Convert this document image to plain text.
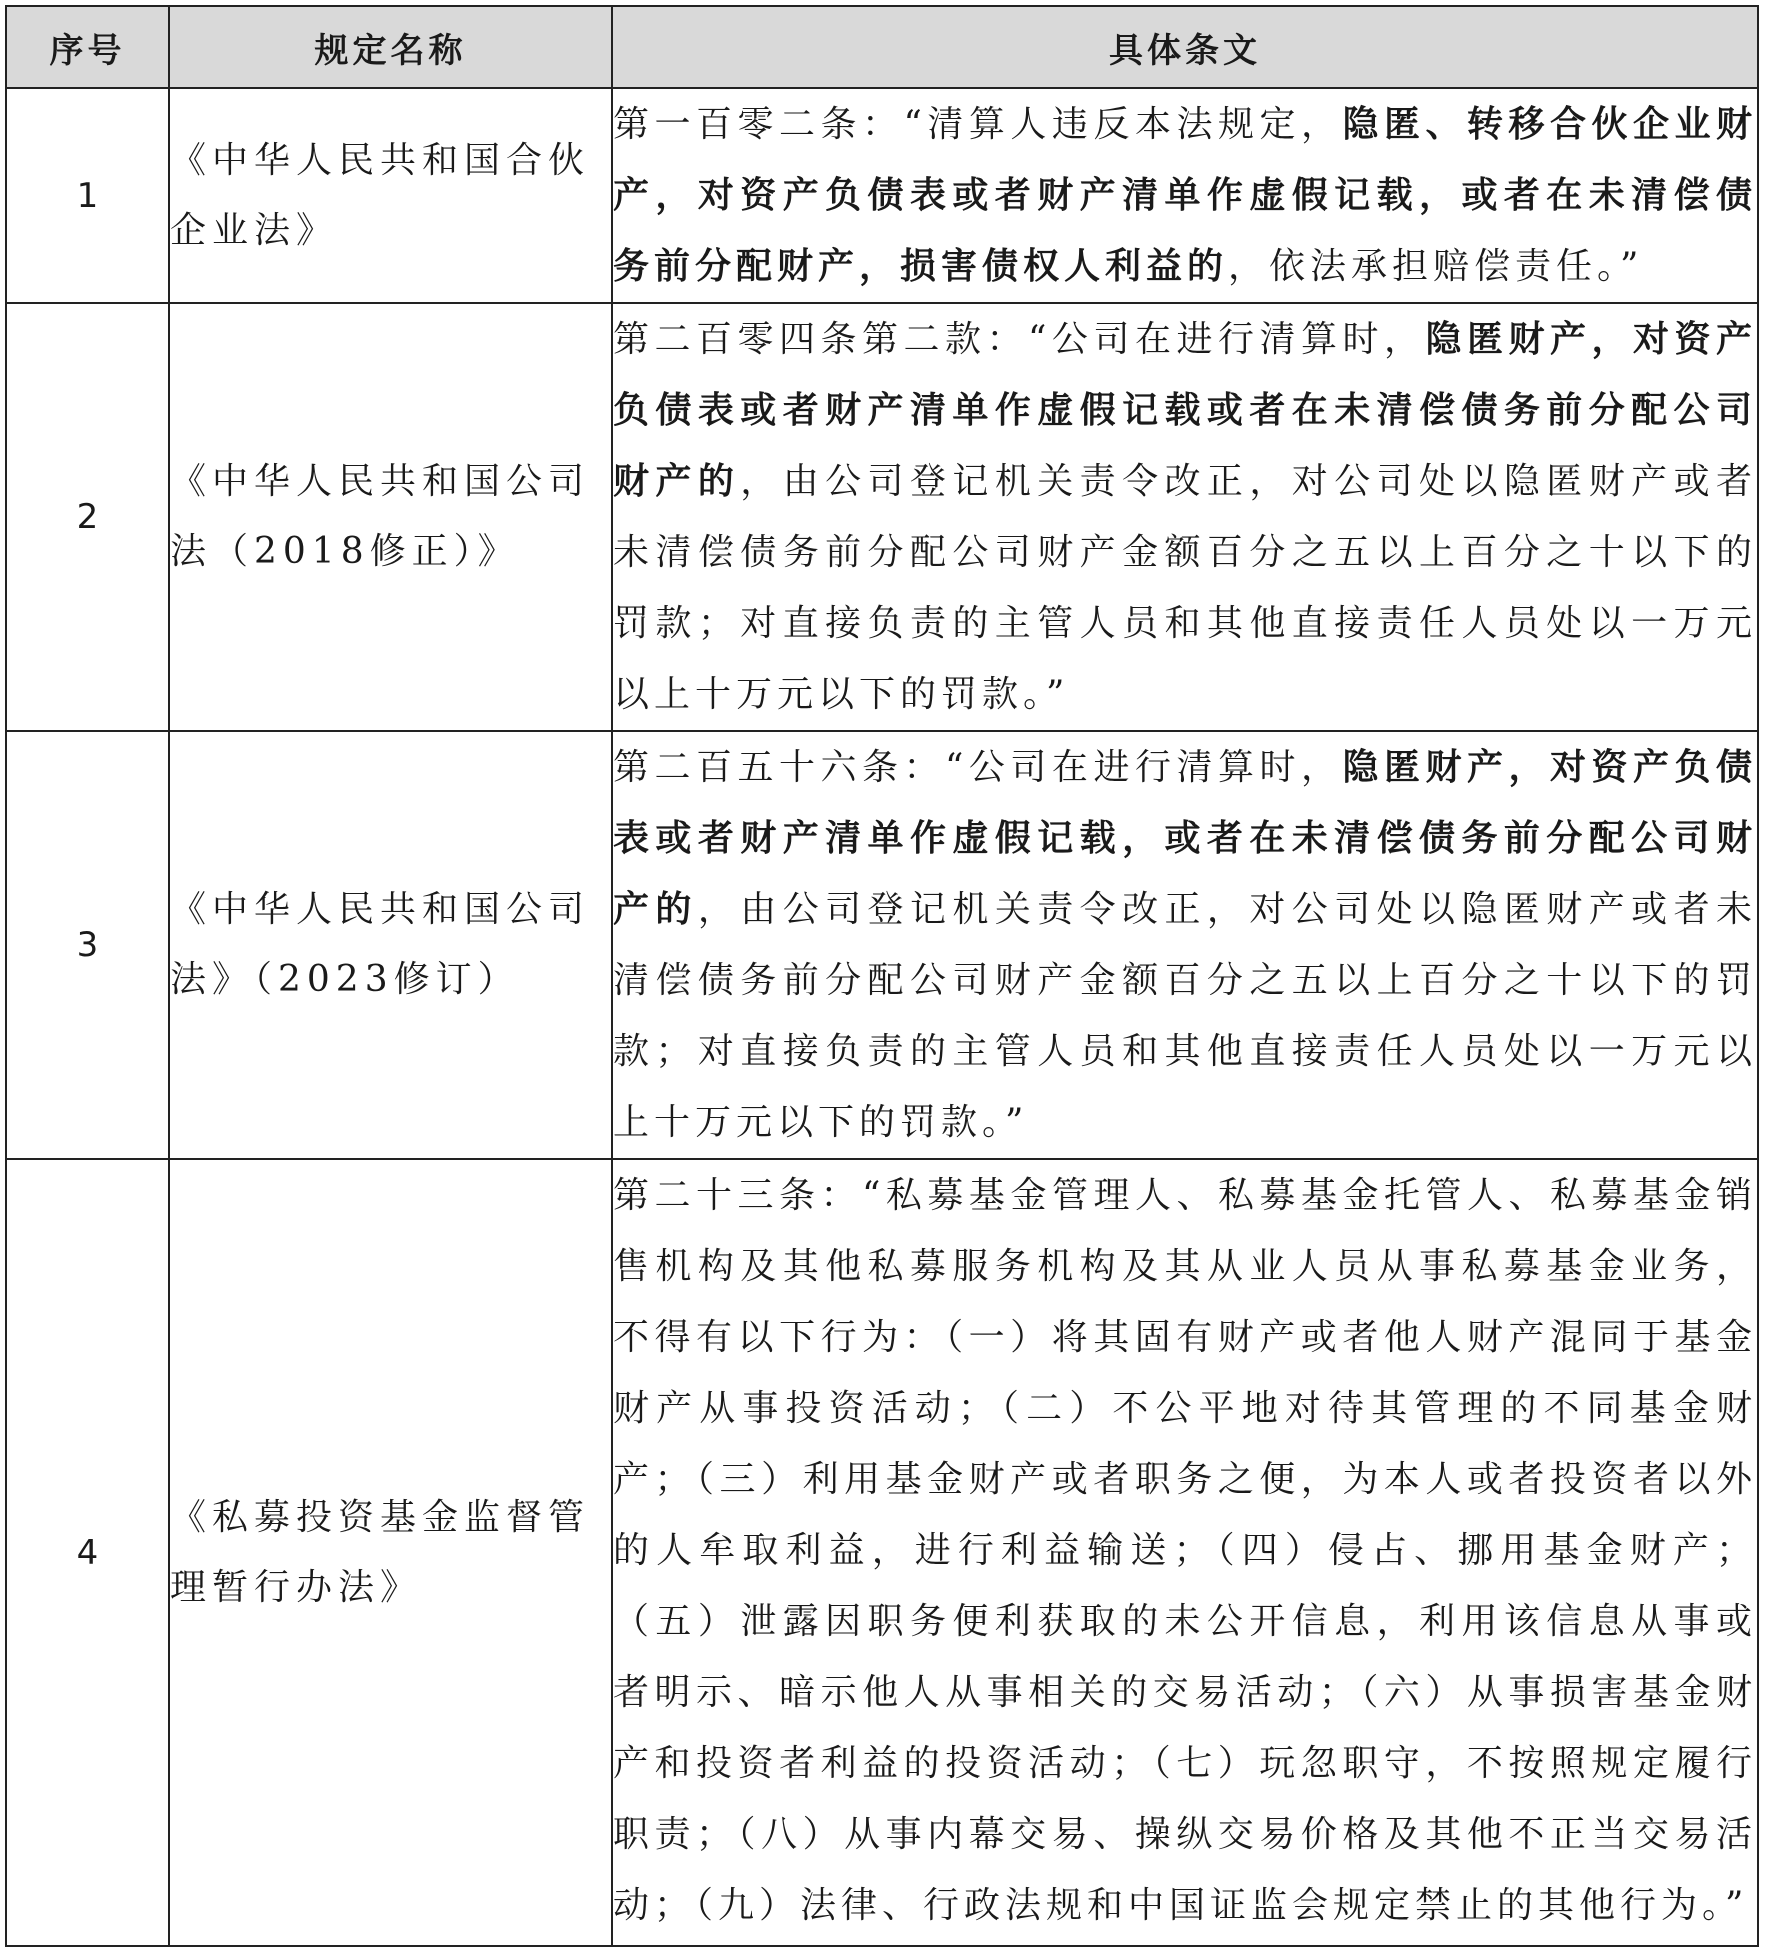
序号	规定名称	具体条文
1	《中华人民共和国合伙企业法》	第一百零二条：“清算人违反本法规定，隐匿、转移合伙企业财产，对资产负债表或者财产清单作虚假记载，或者在未清偿债务前分配财产，损害债权人利益的，依法承担赔偿责任。”
2	《中华人民共和国公司法（2018修正）》	第二百零四条第二款：“公司在进行清算时，隐匿财产，对资产负债表或者财产清单作虚假记载或者在未清偿债务前分配公司财产的，由公司登记机关责令改正，对公司处以隐匿财产或者未清偿债务前分配公司财产金额百分之五以上百分之十以下的罚款；对直接负责的主管人员和其他直接责任人员处以一万元以上十万元以下的罚款。”
3	《中华人民共和国公司法》（2023修订）	第二百五十六条：“公司在进行清算时，隐匿财产，对资产负债表或者财产清单作虚假记载，或者在未清偿债务前分配公司财产的，由公司登记机关责令改正，对公司处以隐匿财产或者未清偿债务前分配公司财产金额百分之五以上百分之十以下的罚款；对直接负责的主管人员和其他直接责任人员处以一万元以上十万元以下的罚款。”
4	《私募投资基金监督管理暂行办法》	第二十三条：“私募基金管理人、私募基金托管人、私募基金销售机构及其他私募服务机构及其从业人员从事私募基金业务，不得有以下行为：（一）将其固有财产或者他人财产混同于基金财产从事投资活动；（二）不公平地对待其管理的不同基金财产；（三）利用基金财产或者职务之便，为本人或者投资者以外的人牟取利益，进行利益输送；（四）侵占、挪用基金财产；（五）泄露因职务便利获取的未公开信息，利用该信息从事或者明示、暗示他人从事相关的交易活动；（六）从事损害基金财产和投资者利益的投资活动；（七）玩忽职守，不按照规定履行职责；（八）从事内幕交易、操纵交易价格及其他不正当交易活动；（九）法律、行政法规和中国证监会规定禁止的其他行为。”
